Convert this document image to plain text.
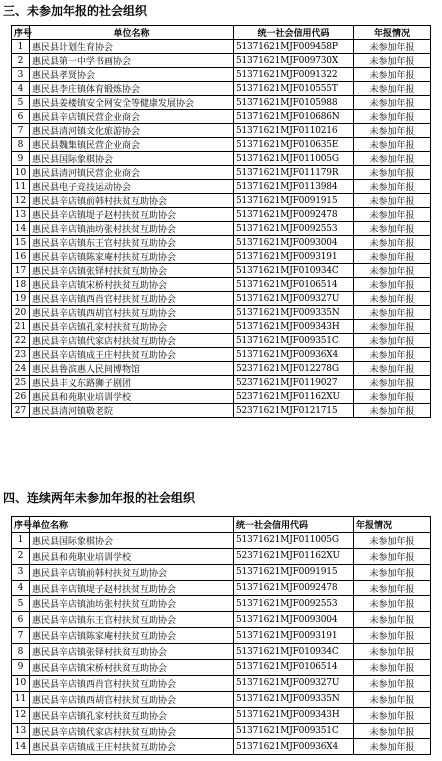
三、未参加年报的社会组织
序号	单位名称	统一社会信用代码	年报情况
1	惠民县计划生育协会	51371621MJF009458P	未参加年报
2	惠民县第一中学书画协会	51371621MJF009730X	未参加年报
3	惠民县孝贤协会	51371621MJF0091322	未参加年报
4	惠民县李庄镇体育锻炼协会	51371621MJF010555T	未参加年报
5	惠民县姜楼镇安全网安全等健康发展协会	51371621MJF0105988	未参加年报
6	惠民县辛店镇民营企业商会	51371621MJF010686N	未参加年报
7	惠民县清河镇文化旅游协会	51371621MJF0110216	未参加年报
8	惠民县魏集镇民营企业商会	51371621MJF010635E	未参加年报
9	惠民县国际象棋协会	51371621MJF011005G	未参加年报
10	惠民县清河镇民营企业商会	51371621MJF011179R	未参加年报
11	惠民县电子竞技运动协会	51371621MJF0113984	未参加年报
12	惠民县辛店镇前韩村扶贫互助协会	51371621MJF0091915	未参加年报
13	惠民县辛店镇堤子赵村扶贫互助协会	51371621MJF0092478	未参加年报
14	惠民县辛店镇油坊张村扶贫互助协会	51371621MJF0092553	未参加年报
15	惠民县辛店镇东王官村扶贫互助协会	51371621MJF0093004	未参加年报
16	惠民县辛店镇陈家庵村扶贫互助协会	51371621MJF0093191	未参加年报
17	惠民县辛店镇张铎村扶贫互助协会	51371621MJF010934C	未参加年报
18	惠民县辛店镇宋桥村扶贫互助协会	51371621MJF0106514	未参加年报
19	惠民县辛店镇西肖官村扶贫互助协会	51371621MJF009327U	未参加年报
20	惠民县辛店镇西胡官村扶贫互助协会	51371621MJF009335N	未参加年报
21	惠民县辛店镇孔家村扶贫互助协会	51371621MJF009343H	未参加年报
22	惠民县辛店镇代家店村扶贫互助协会	51371621MJF009351C	未参加年报
23	惠民县辛店镇成王庄村扶贫互助协会	51371621MJF00936X4	未参加年报
24	惠民县鲁滨惠人民间博物馆	52371621MJF012278G	未参加年报
25	惠民县丰义东路狮子剧团	52371621MJF0119027	未参加年报
26	惠民县和苑职业培训学校	52371621MJF01162XU	未参加年报
27	惠民县清河镇敬老院	52371621MJF0121715	未参加年报
四、连续两年未参加年报的社会组织
序号	单位名称	统一社会信用代码	年报情况
1	惠民县国际象棋协会	51371621MJF011005G	未参加年报
2	惠民县和苑职业培训学校	52371621MJF01162XU	未参加年报
3	惠民县辛店镇前韩村扶贫互助协会	51371621MJF0091915	未参加年报
4	惠民县辛店镇堤子赵村扶贫互助协会	51371621MJF0092478	未参加年报
5	惠民县辛店镇油坊张村扶贫互助协会	51371621MJF0092553	未参加年报
6	惠民县辛店镇东王官村扶贫互助协会	51371621MJF0093004	未参加年报
7	惠民县辛店镇陈家庵村扶贫互助协会	51371621MJF0093191	未参加年报
8	惠民县辛店镇张铎村扶贫互助协会	51371621MJF010934C	未参加年报
9	惠民县辛店镇宋桥村扶贫互助协会	51371621MJF0106514	未参加年报
10	惠民县辛店镇西肖官村扶贫互助协会	51371621MJF009327U	未参加年报
11	惠民县辛店镇西胡官村扶贫互助协会	51371621MJF009335N	未参加年报
12	惠民县辛店镇孔家村扶贫互助协会	51371621MJF009343H	未参加年报
13	惠民县辛店镇代家店村扶贫互助协会	51371621MJF009351C	未参加年报
14	惠民县辛店镇成王庄村扶贫互助协会	51371621MJF00936X4	未参加年报
